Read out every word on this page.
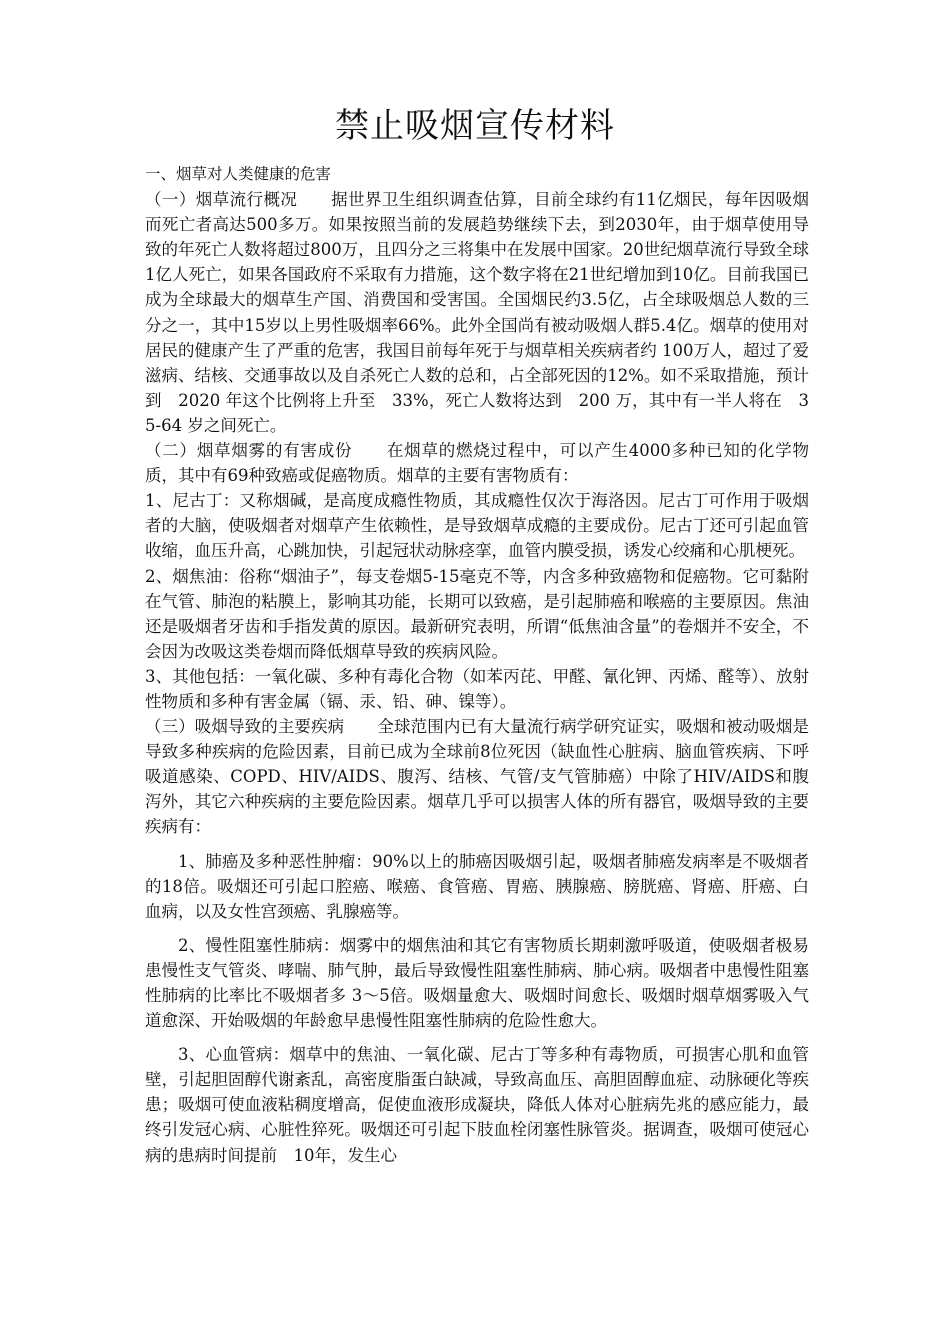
禁止吸烟宣传材料

一、烟草对人类健康的危害

（一）烟草流行概况　　据世界卫生组织调查估算，目前全球约有11亿烟民，每年因吸烟而死亡者高达500多万。如果按照当前的发展趋势继续下去，到2030年，由于烟草使用导致的年死亡人数将超过800万，且四分之三将集中在发展中国家。20世纪烟草流行导致全球1亿人死亡，如果各国政府不采取有力措施，这个数字将在21世纪增加到10亿。目前我国已成为全球最大的烟草生产国、消费国和受害国。全国烟民约3.5亿，占全球吸烟总人数的三分之一，其中15岁以上男性吸烟率66%。此外全国尚有被动吸烟人群5.4亿。烟草的使用对居民的健康产生了严重的危害，我国目前每年死于与烟草相关疾病者约 100万人，超过了爱滋病、结核、交通事故以及自杀死亡人数的总和，占全部死因的12%。如不采取措施，预计到　2020 年这个比例将上升至　33%，死亡人数将达到　200 万，其中有一半人将在　35-64 岁之间死亡。

（二）烟草烟雾的有害成份　　在烟草的燃烧过程中，可以产生4000多种已知的化学物质，其中有69种致癌或促癌物质。烟草的主要有害物质有：

1、尼古丁：又称烟碱，是高度成瘾性物质，其成瘾性仅次于海洛因。尼古丁可作用于吸烟者的大脑，使吸烟者对烟草产生依赖性，是导致烟草成瘾的主要成份。尼古丁还可引起血管收缩，血压升高，心跳加快，引起冠状动脉痉挛，血管内膜受损，诱发心绞痛和心肌梗死。

2、烟焦油：俗称“烟油子”，每支卷烟5-15毫克不等，内含多种致癌物和促癌物。它可黏附在气管、肺泡的粘膜上，影响其功能，长期可以致癌，是引起肺癌和喉癌的主要原因。焦油还是吸烟者牙齿和手指发黄的原因。最新研究表明，所谓“低焦油含量”的卷烟并不安全，不会因为改吸这类卷烟而降低烟草导致的疾病风险。

3、其他包括：一氧化碳、多种有毒化合物（如苯丙芘、甲醛、氰化钾、丙烯、醛等）、放射性物质和多种有害金属（镉、汞、铅、砷、镍等）。

（三）吸烟导致的主要疾病　　全球范围内已有大量流行病学研究证实，吸烟和被动吸烟是导致多种疾病的危险因素，目前已成为全球前8位死因（缺血性心脏病、脑血管疾病、下呼吸道感染、COPD、HIV/AIDS、腹泻、结核、气管/支气管肺癌）中除了HIV/AIDS和腹泻外，其它六种疾病的主要危险因素。烟草几乎可以损害人体的所有器官，吸烟导致的主要疾病有：

1、肺癌及多种恶性肿瘤：90%以上的肺癌因吸烟引起，吸烟者肺癌发病率是不吸烟者的18倍。吸烟还可引起口腔癌、喉癌、食管癌、胃癌、胰腺癌、膀胱癌、肾癌、肝癌、白血病，以及女性宫颈癌、乳腺癌等。

2、慢性阻塞性肺病：烟雾中的烟焦油和其它有害物质长期刺激呼吸道，使吸烟者极易患慢性支气管炎、哮喘、肺气肿，最后导致慢性阻塞性肺病、肺心病。吸烟者中患慢性阻塞性肺病的比率比不吸烟者多 3～5倍。吸烟量愈大、吸烟时间愈长、吸烟时烟草烟雾吸入气道愈深、开始吸烟的年龄愈早患慢性阻塞性肺病的危险性愈大。

3、心血管病：烟草中的焦油、一氧化碳、尼古丁等多种有毒物质，可损害心肌和血管壁，引起胆固醇代谢紊乱，高密度脂蛋白缺减，导致高血压、高胆固醇血症、动脉硬化等疾患；吸烟可使血液粘稠度增高，促使血液形成凝块，降低人体对心脏病先兆的感应能力，最终引发冠心病、心脏性猝死。吸烟还可引起下肢血栓闭塞性脉管炎。据调查，吸烟可使冠心病的患病时间提前　10年，发生心
